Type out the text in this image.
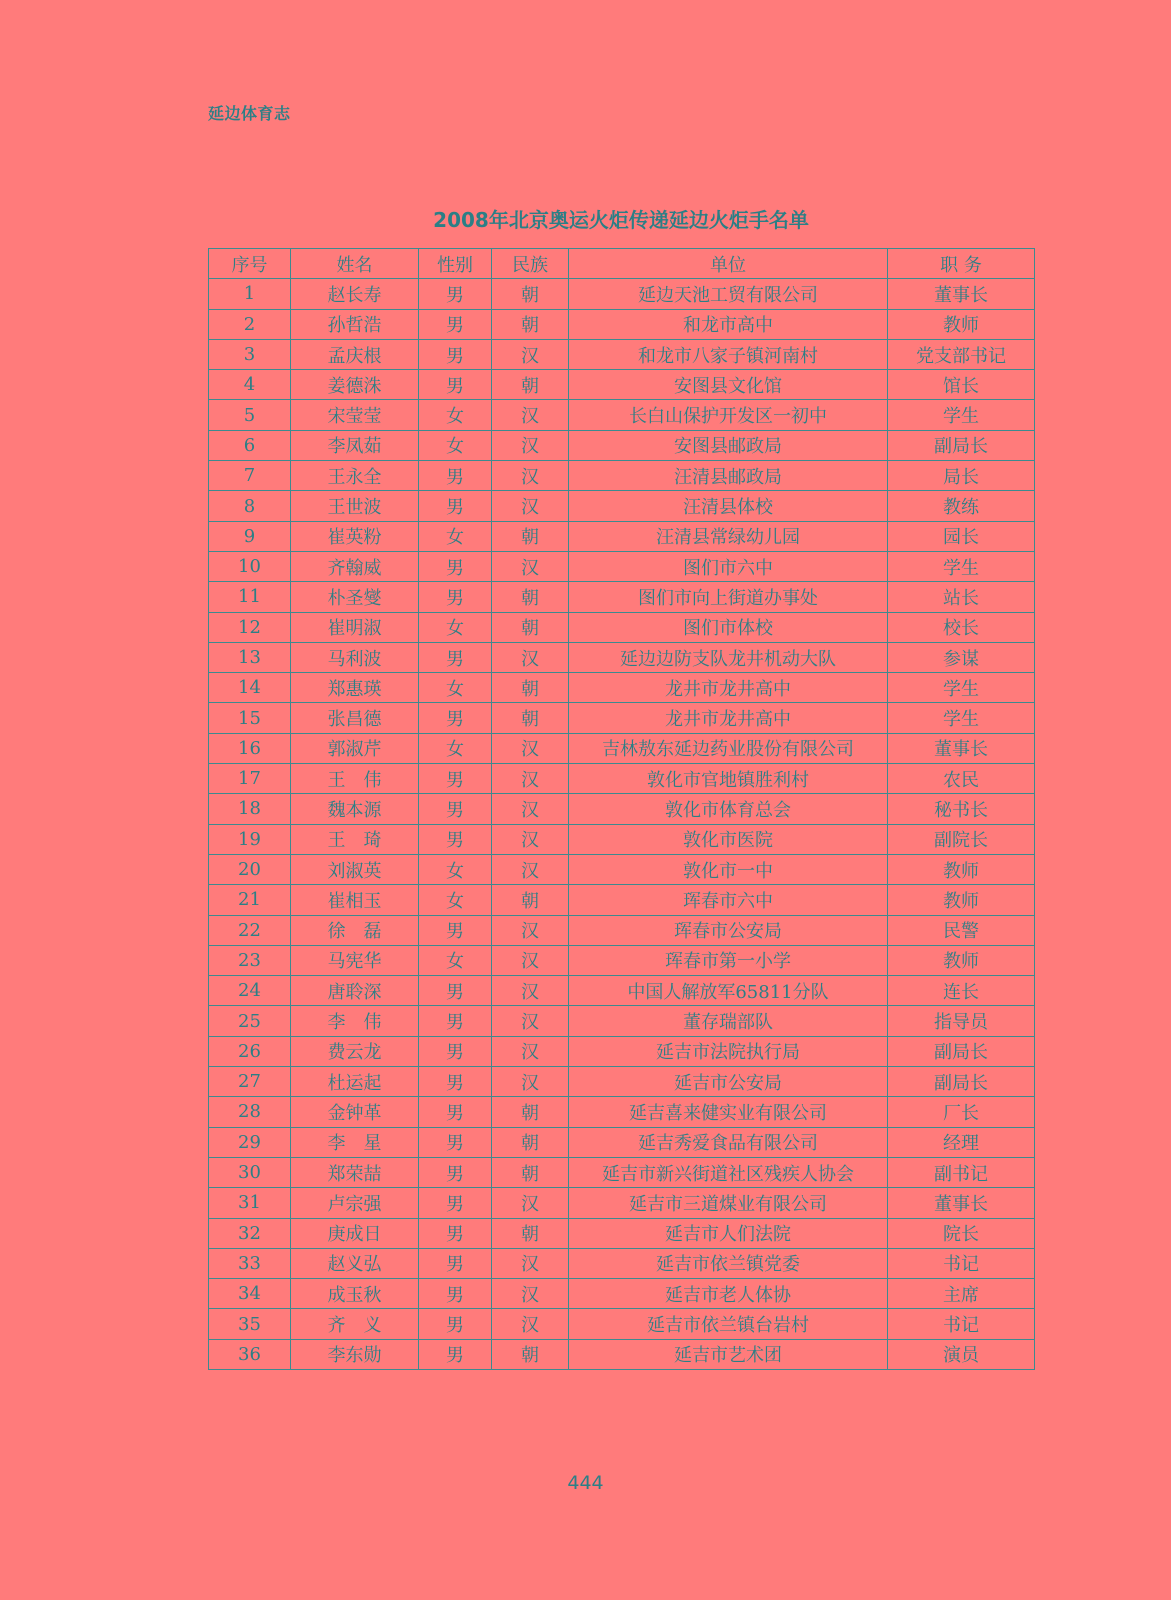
延边体育志
2008年北京奥运火炬传递延边火炬手名单
序号	姓名	性别	民族	单位	职 务
1	赵长寿	男	朝	延边天池工贸有限公司	董事长
2	孙哲浩	男	朝	和龙市高中	教师
3	孟庆根	男	汉	和龙市八家子镇河南村	党支部书记
4	姜德洙	男	朝	安图县文化馆	馆长
5	宋莹莹	女	汉	长白山保护开发区一初中	学生
6	李凤茹	女	汉	安图县邮政局	副局长
7	王永全	男	汉	汪清县邮政局	局长
8	王世波	男	汉	汪清县体校	教练
9	崔英粉	女	朝	汪清县常绿幼儿园	园长
10	齐翰威	男	汉	图们市六中	学生
11	朴圣燮	男	朝	图们市向上街道办事处	站长
12	崔明淑	女	朝	图们市体校	校长
13	马利波	男	汉	延边边防支队龙井机动大队	参谋
14	郑惠瑛	女	朝	龙井市龙井高中	学生
15	张昌德	男	朝	龙井市龙井高中	学生
16	郭淑芹	女	汉	吉林敖东延边药业股份有限公司	董事长
17	王　伟	男	汉	敦化市官地镇胜利村	农民
18	魏本源	男	汉	敦化市体育总会	秘书长
19	王　琦	男	汉	敦化市医院	副院长
20	刘淑英	女	汉	敦化市一中	教师
21	崔相玉	女	朝	珲春市六中	教师
22	徐　磊	男	汉	珲春市公安局	民警
23	马宪华	女	汉	珲春市第一小学	教师
24	唐聆深	男	汉	中国人解放军65811分队	连长
25	李　伟	男	汉	董存瑞部队	指导员
26	费云龙	男	汉	延吉市法院执行局	副局长
27	杜运起	男	汉	延吉市公安局	副局长
28	金钟革	男	朝	延吉喜来健实业有限公司	厂长
29	李　星	男	朝	延吉秀爱食品有限公司	经理
30	郑荣喆	男	朝	延吉市新兴街道社区残疾人协会	副书记
31	卢宗强	男	汉	延吉市三道煤业有限公司	董事长
32	庚成日	男	朝	延吉市人们法院	院长
33	赵义弘	男	汉	延吉市依兰镇党委	书记
34	成玉秋	男	汉	延吉市老人体协	主席
35	齐　义	男	汉	延吉市依兰镇台岩村	书记
36	李东勋	男	朝	延吉市艺术团	演员
444
